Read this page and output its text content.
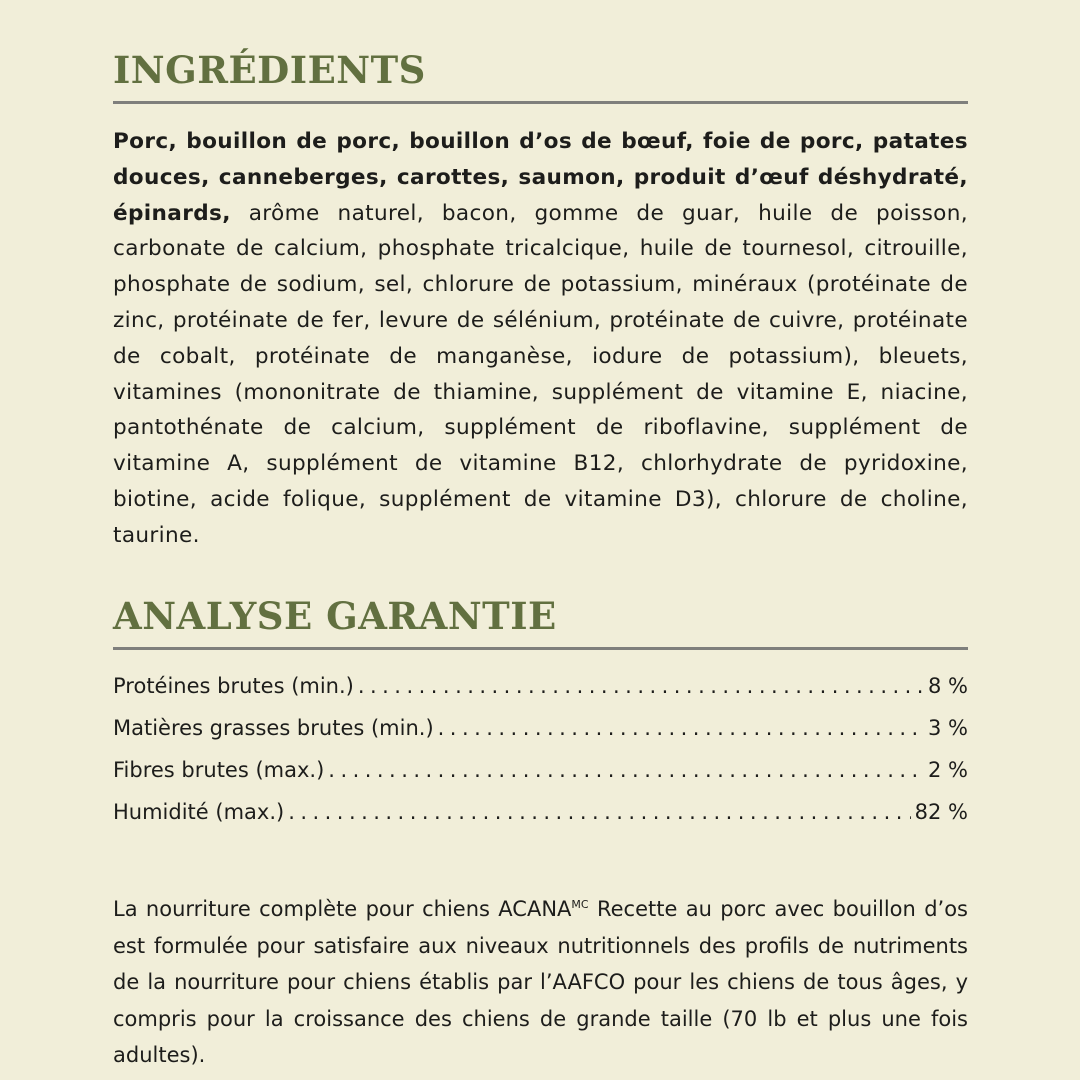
INGRÉDIENTS

Porc, bouillon de porc, bouillon d’os de bœuf, foie de porc, patates douces, canneberges, carottes, saumon, produit d’œuf déshydraté, épinards, arôme naturel, bacon, gomme de guar, huile de poisson, carbonate de calcium, phosphate tricalcique, huile de tournesol, citrouille, phosphate de sodium, sel, chlorure de potassium, minéraux (protéinate de zinc, protéinate de fer, levure de sélénium, protéinate de cuivre, protéinate de cobalt, protéinate de manganèse, iodure de potassium), bleuets, vitamines (mononitrate de thiamine, supplément de vitamine E, niacine, pantothénate de calcium, supplément de riboflavine, supplément de vitamine A, supplément de vitamine B12, chlorhydrate de pyridoxine, biotine, acide folique, supplément de vitamine D3), chlorure de choline, taurine.

ANALYSE GARANTIE
Protéines brutes (min.) . . .	8 %
Matières grasses brutes (min.) . . .	3 %
Fibres brutes (max.) . . .	2 %
Humidité (max.) . . .	82 %

La nourriture complète pour chiens $ACANA^{MC}$ Recette au porc avec bouillon d’os est formulée pour satisfaire aux niveaux nutritionnels des profils de nutriments de la nourriture pour chiens établis par l’AAFCO pour les chiens de tous âges, y compris pour la croissance des chiens de grande taille (70 lb et plus une fois adultes).
